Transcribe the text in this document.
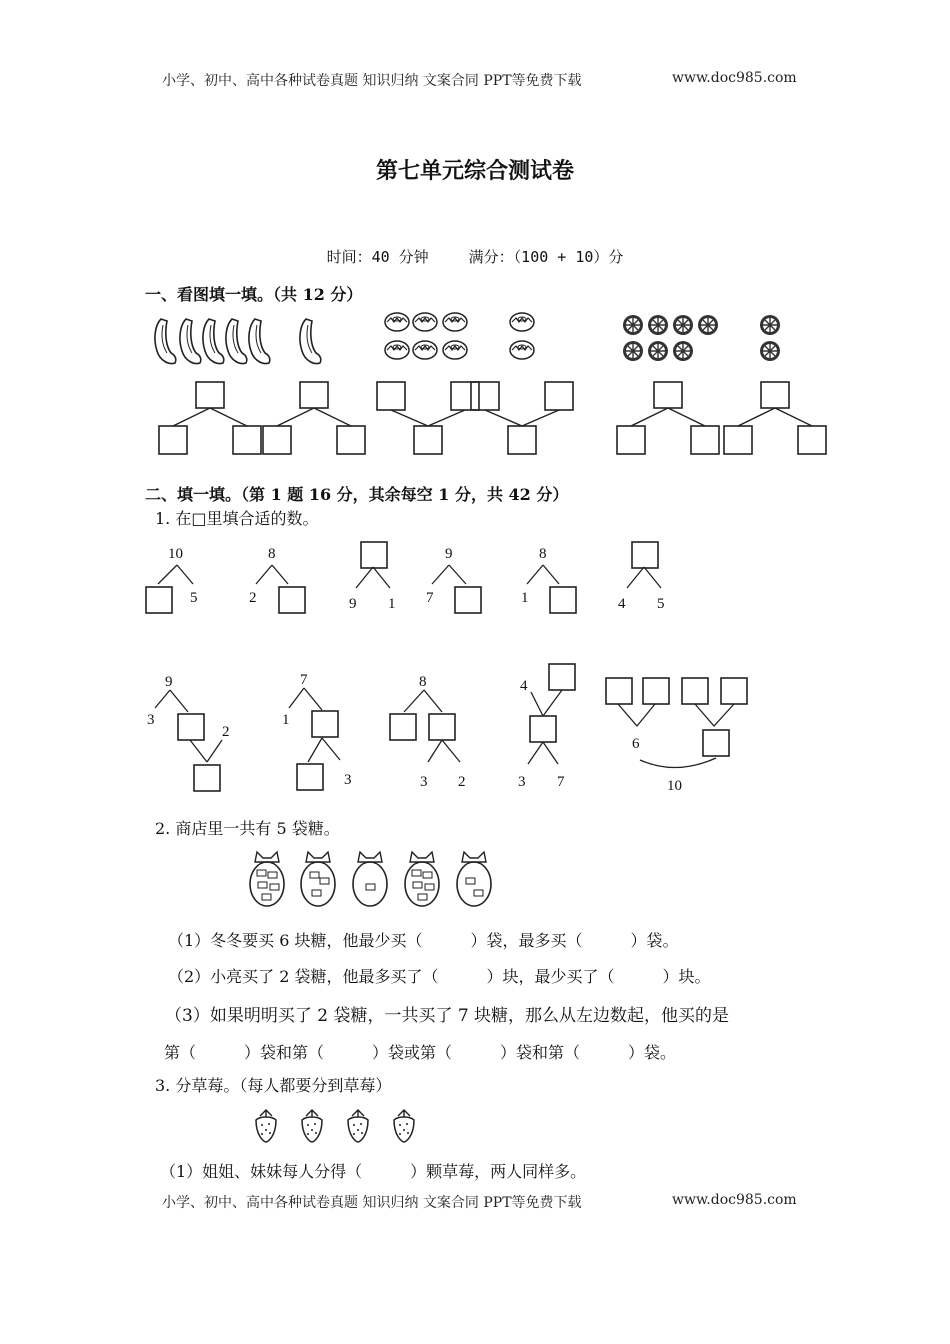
小学、初中、高中各种试卷真题 知识归纳 文案合同 PPT等免费下载	www.doc985.com
第七单元综合测试卷
时间：40 分钟	满分：（100 + 10）分
一、看图填一填。（共 12 分）
二、填一填。（第 1 题 16 分，其余每空 1 分，共 42 分）
1. 在□里填合适的数。
10
5
8
2	9 1
9
7
8
1	4 5
9
3
2
7
1
3
8
3 2
4
3 7
6
10
2. 商店里一共有 5 袋糖。
（1）冬冬要买 6 块糖，他最少买（　　　）袋，最多买（　　　）袋。
（2）小亮买了 2 袋糖，他最多买了（　　　）块，最少买了（　　　）块。
（3）如果明明买了 2 袋糖，一共买了 7 块糖，那么从左边数起，他买的是
第（　　　）袋和第（　　　）袋或第（　　　）袋和第（　　　）袋。
3. 分草莓。（每人都要分到草莓）
（1）姐姐、妹妹每人分得（　　　）颗草莓，两人同样多。
小学、初中、高中各种试卷真题 知识归纳 文案合同 PPT等免费下载	www.doc985.com
